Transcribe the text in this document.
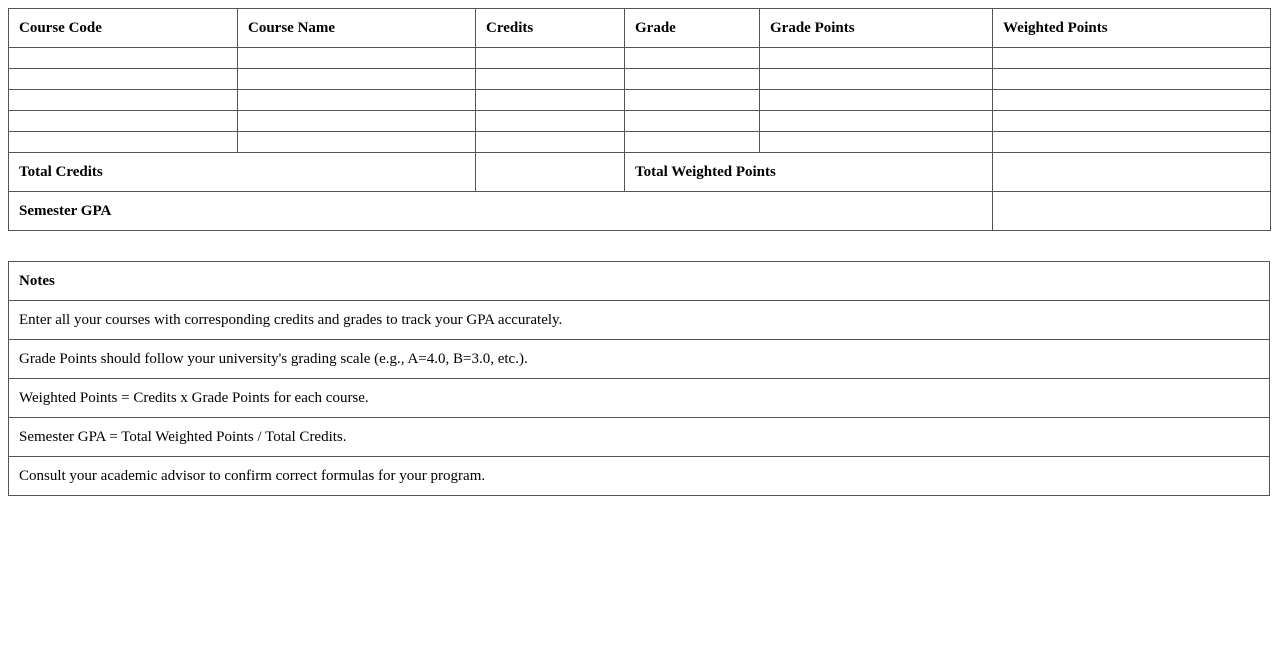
Course Code	Course Name	Credits	Grade	Grade Points	Weighted Points

Total Credits			Total Weighted Points		
Semester GPA					
Notes
Enter all your courses with corresponding credits and grades to track your GPA accurately.
Grade Points should follow your university's grading scale (e.g., A=4.0, B=3.0, etc.).
Weighted Points = Credits x Grade Points for each course.
Semester GPA = Total Weighted Points / Total Credits.
Consult your academic advisor to confirm correct formulas for your program.
